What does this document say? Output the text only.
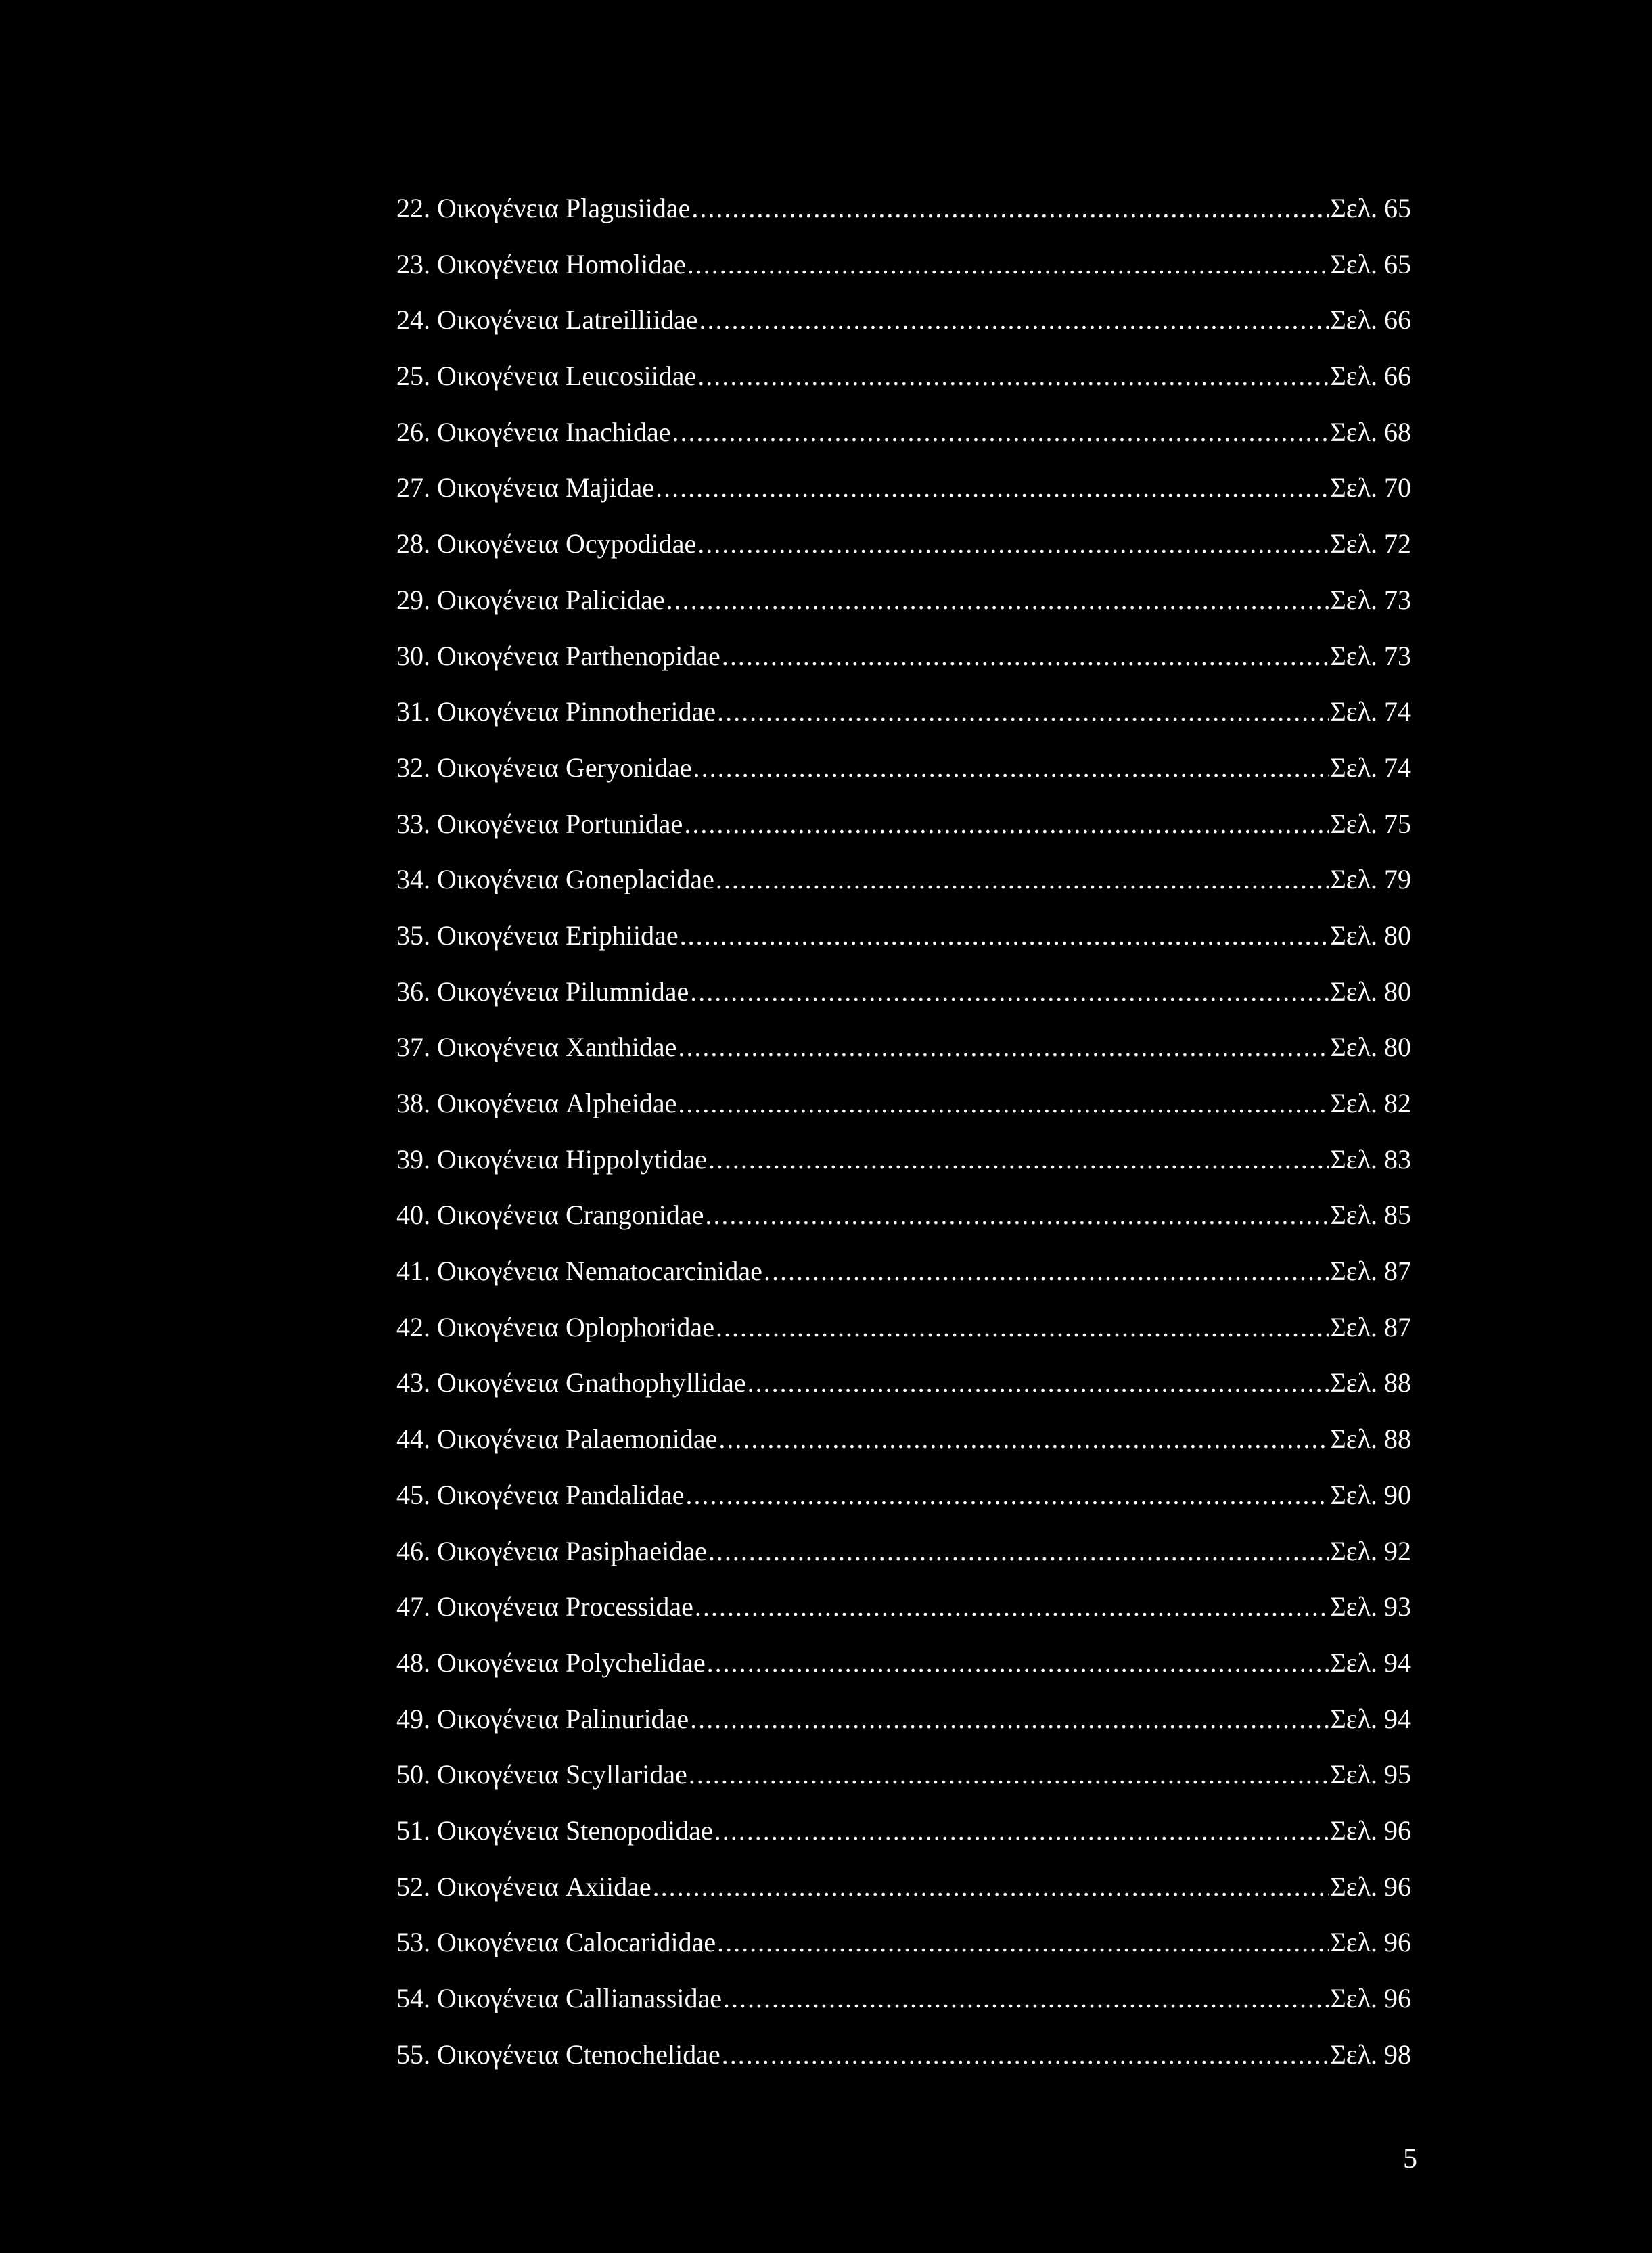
22. Οικογένεια Plagusiidae .....	Σελ. 65
23. Οικογένεια Homolidae .....	Σελ. 65
24. Οικογένεια Latreilliidae .....	Σελ. 66
25. Οικογένεια Leucosiidae .....	Σελ. 66
26. Οικογένεια Inachidae .....	Σελ. 68
27. Οικογένεια Majidae .....	Σελ. 70
28. Οικογένεια Ocypodidae .....	Σελ. 72
29. Οικογένεια Palicidae .....	Σελ. 73
30. Οικογένεια Parthenopidae .....	Σελ. 73
31. Οικογένεια Pinnotheridae .....	Σελ. 74
32. Οικογένεια Geryonidae .....	Σελ. 74
33. Οικογένεια Portunidae .....	Σελ. 75
34. Οικογένεια Goneplacidae .....	Σελ. 79
35. Οικογένεια Eriphiidae .....	Σελ. 80
36. Οικογένεια Pilumnidae .....	Σελ. 80
37. Οικογένεια Xanthidae .....	Σελ. 80
38. Οικογένεια Alpheidae .....	Σελ. 82
39. Οικογένεια Hippolytidae .....	Σελ. 83
40. Οικογένεια Crangonidae .....	Σελ. 85
41. Οικογένεια Nematocarcinidae .....	Σελ. 87
42. Οικογένεια Oplophoridae .....	Σελ. 87
43. Οικογένεια Gnathophyllidae .....	Σελ. 88
44. Οικογένεια Palaemonidae .....	Σελ. 88
45. Οικογένεια Pandalidae .....	Σελ. 90
46. Οικογένεια Pasiphaeidae .....	Σελ. 92
47. Οικογένεια Processidae .....	Σελ. 93
48. Οικογένεια Polychelidae .....	Σελ. 94
49. Οικογένεια Palinuridae .....	Σελ. 94
50. Οικογένεια Scyllaridae .....	Σελ. 95
51. Οικογένεια Stenopodidae .....	Σελ. 96
52. Οικογένεια Axiidae .....	Σελ. 96
53. Οικογένεια Calocarididae .....	Σελ. 96
54. Οικογένεια Callianassidae .....	Σελ. 96
55. Οικογένεια Ctenochelidae .....	Σελ. 98
5
